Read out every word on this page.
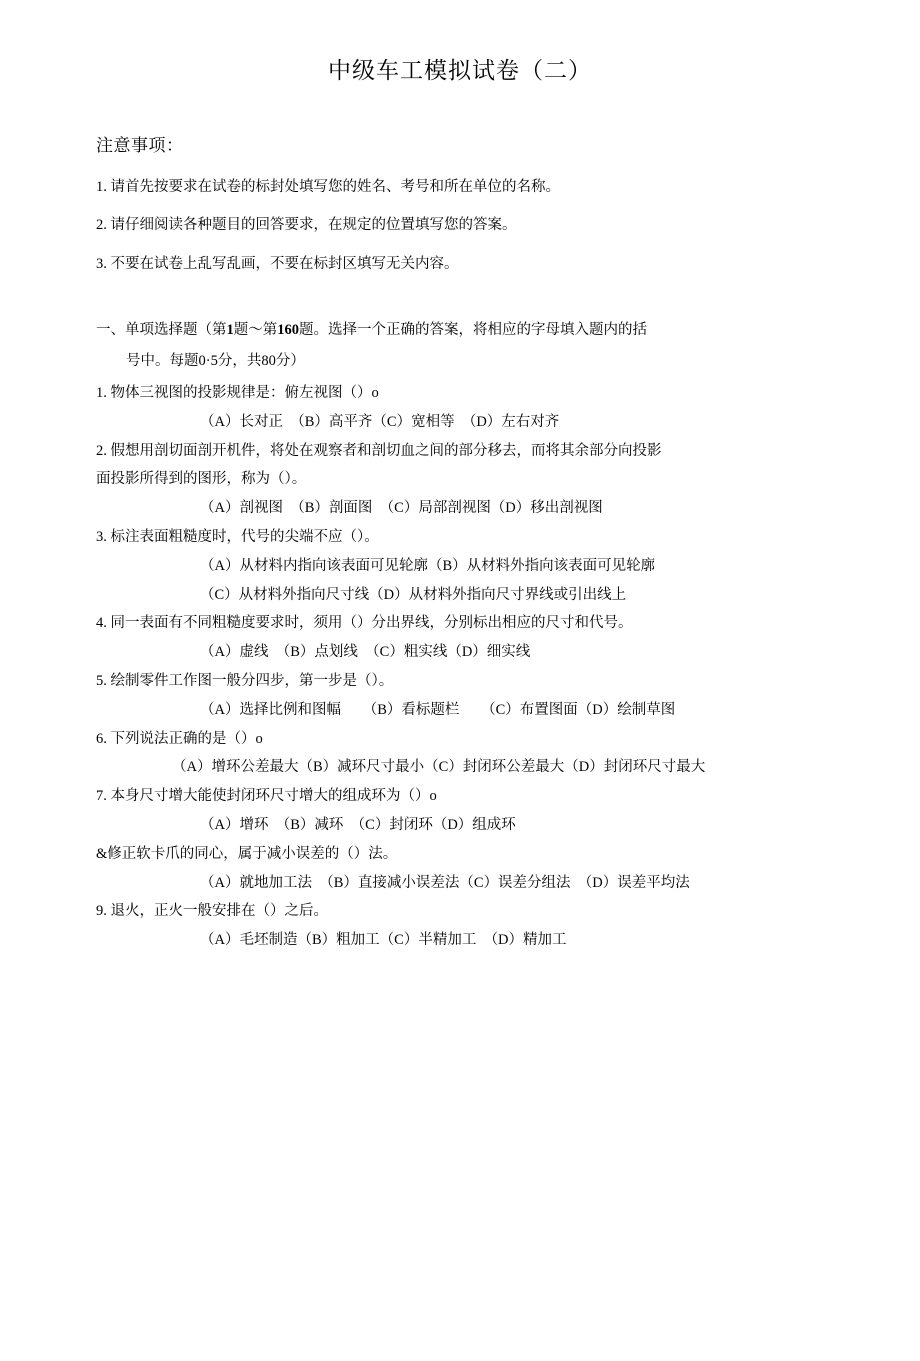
中级车工模拟试卷（二）
注意事项：
1. 请首先按要求在试卷的标封处填写您的姓名、考号和所在单位的名称。
2. 请仔细阅读各种题目的回答要求，在规定的位置填写您的答案。
3. 不要在试卷上乱写乱画，不要在标封区填写无关内容。
一、单项选择题（第1题～第160题。选择一个正确的答案，将相应的字母填入题内的括
号中。每题0·5分，共80分）
1. 物体三视图的投影规律是：俯左视图（）o
（A）长对正　（B）高平齐（C）宽相等　（D）左右对齐
2. 假想用剖切面剖开机件，将处在观察者和剖切血之间的部分移去，而将其余部分向投影
面投影所得到的图形，称为（）。
（A）剖视图　（B）剖面图　（C）局部剖视图（D）移出剖视图
3. 标注表面粗糙度时，代号的尖端不应（）。
（A）从材料内指向该表面可见轮廓（B）从材料外指向该表面可见轮廓
（C）从材料外指向尺寸线（D）从材料外指向尺寸界线或引出线上
4. 同一表面有不同粗糙度要求时，须用（）分出界线，分别标出相应的尺寸和代号。
（A）虚线　（B）点划线　（C）粗实线（D）细实线
5. 绘制零件工作图一般分四步，第一步是（）。
（A）选择比例和图幅　　（B）看标题栏　　（C）布置图面（D）绘制草图
6. 下列说法正确的是（）o
（A）增环公差最大（B）减环尺寸最小（C）封闭环公差最大（D）封闭环尺寸最大
7. 本身尺寸增大能使封闭环尺寸增大的组成环为（）o
（A）增环　（B）减环　（C）封闭环（D）组成环
&修正软卡爪的同心，属于减小误差的（）法。
（A）就地加工法　（B）直接减小误差法（C）误差分组法　（D）误差平均法
9. 退火，正火一般安排在（）之后。
（A）毛坯制造（B）粗加工（C）半精加工　（D）精加工
